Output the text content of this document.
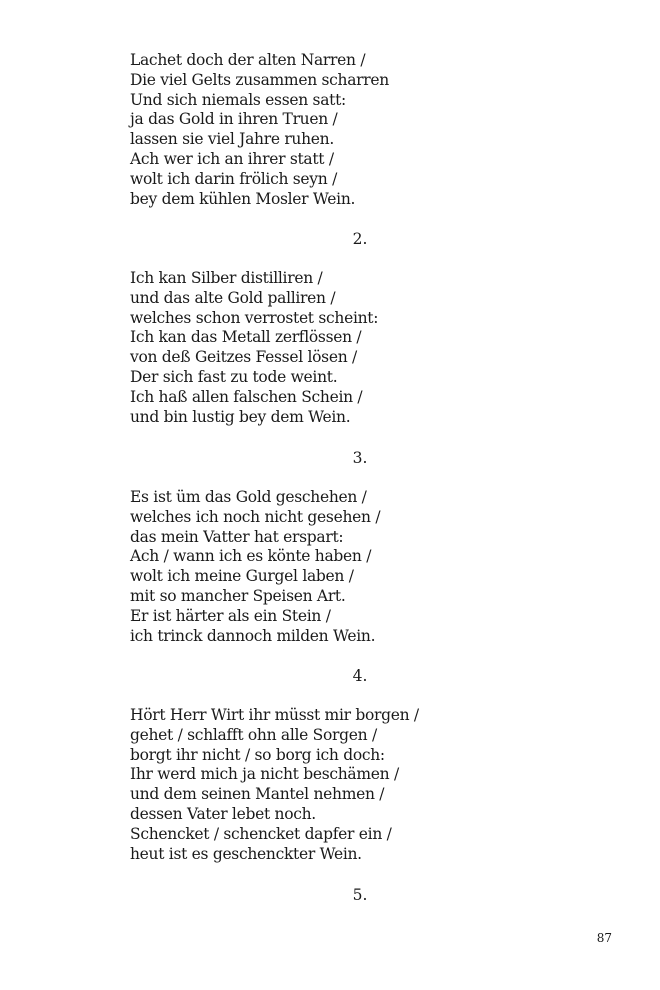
Lachet doch der alten Narren /
Die viel Gelts zusammen scharren
Und sich niemals essen satt:
ja das Gold in ihren Truen /
lassen sie viel Jahre ruhen.
Ach wer ich an ihrer statt /
wolt ich darin frölich seyn /
bey dem kühlen Mosler Wein.
2.
Ich kan Silber distilliren /
und das alte Gold palliren /
welches schon verrostet scheint:
Ich kan das Metall zerflössen /
von deß Geitzes Fessel lösen /
Der sich fast zu tode weint.
Ich haß allen falschen Schein /
und bin lustig bey dem Wein.
3.
Es ist üm das Gold geschehen /
welches ich noch nicht gesehen /
das mein Vatter hat erspart:
Ach / wann ich es könte haben /
wolt ich meine Gurgel laben /
mit so mancher Speisen Art.
Er ist härter als ein Stein /
ich trinck dannoch milden Wein.
4.
Hört Herr Wirt ihr müsst mir borgen /
gehet / schlafft ohn alle Sorgen /
borgt ihr nicht / so borg ich doch:
Ihr werd mich ja nicht beschämen /
und dem seinen Mantel nehmen /
dessen Vater lebet noch.
Schencket / schencket dapfer ein /
heut ist es geschenckter Wein.
5.
87
